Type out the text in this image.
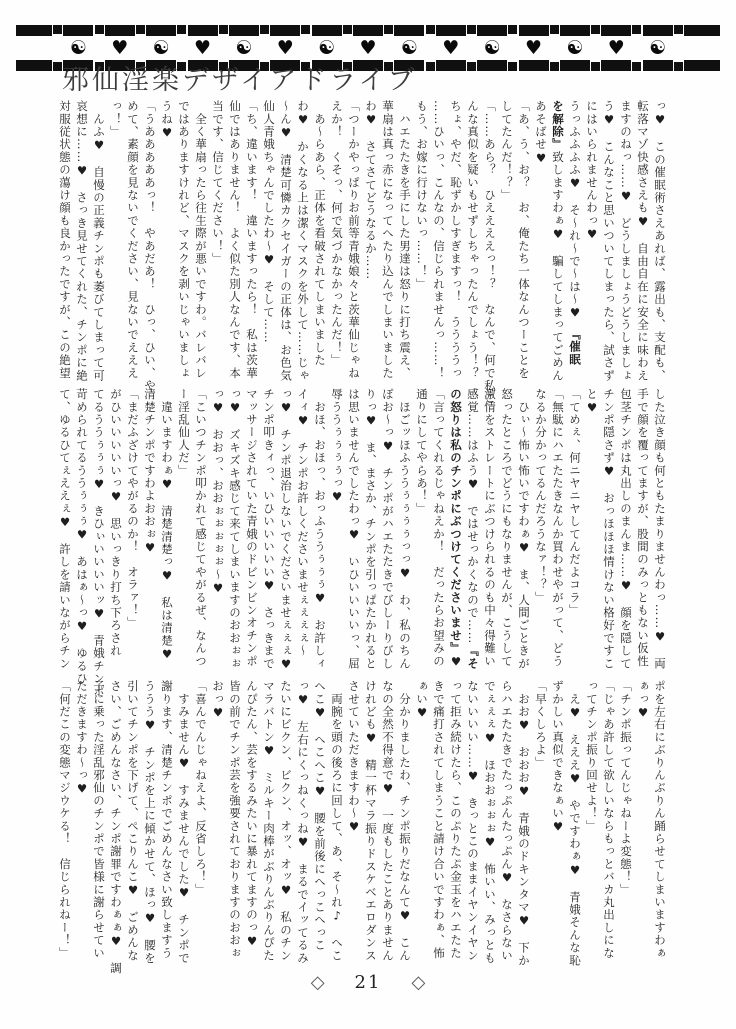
☯ ♥ ☯ ♥ ☯ ♥ ☯ ♥ ☯ ♥ ☯ ♥ ☯ ♥ ☯
邪仙淫楽デザイアドライブ

っ♥　この催眠術さえあれば、露出も、支配も、

転落マゾ快感さえも♥　自由自在に安全に味わえ

ますのねっ……♥　どうしましょうどうしましょ

う♥　こんなこと思いついてしまったら、試さず

にはいられませんわっ♥

うっふふふふ♥　そ〜れ〜で〜は〜♥　『催眠

を解除』致しますわぁ♥　騙してしまってごめん

あそばせ♥

「あ、う、お？　お、俺たち一体なんつーことを

してたんだ！？」

「……あら？　ひええええっ！？　なんで、何で私こ

んな真似を疑いもせずしちゃったんでしょう！？

ちょ、やだ、恥ずかしすぎますっ！　ううううっ

……ひいっ、こんなの、信じられませんっ……！

もう、お嫁に行けないっ……！」

　ハエたたきを手にした男達は怒りに打ち震え、

華扇は真っ赤になってへたり込んでしまいました

わ♥　さてさてどうなるか……

「つーかやっぱりお前等青娥娘々と茨華仙じゃね

えか！　くそっ、何で気づかなかったんだ！」

　あ〜らあら、正体を看破されてしまいました

わ♥　かくなる上は潔くマスクを外して……じゃ

〜ん♥　清楚可憐カクセイガーの正体は、お色気

仙人青娥ちゃんでしたわ〜♥　そして……

「ち、違います！　違いますったら！　私は茨華

仙ではありません！　よく似た別人なんです、本

当です、信じてください！」

　全く華扇ったら往生際が悪いですわ。バレバレ

ではありますけれど、マスクを剥いじゃいましょ

うね♥

「うあああああっ！　やあだあ！　ひっ、ひい、や

めて、素顔を見ないでください、見ないでえええ

っ！」

　んふ♥　自慢の正義チンポも萎びてしまって可

哀想に……♥　さっき見せてくれた、チンポに絶

対服従状態の蕩け顔も良かったですが、この絶望

した泣き顔も何ともたまりませんわっ……♥　両

手で顔を覆ってますが、股間のみっともない仮性

包茎チンポは丸出しのまんま……♥　顔を隠して

チンポ隠さず♥　おっほほほ情けない格好ですこ

と♥

「てめぇ、何ニヤニヤしてんだよコラ」

「無駄にハエたたきなんか買わせやがって、どう

なるか分かってるんだろうなァ！？」

　ひぃ〜怖い怖いですわぁ♥　ま、人間ごときが

怒ったところでどうにもなりませんが、こうして

激情をストレートにぶつけられるのも中々得難い

感覚……はふう♥　ではせっかくなので……『そ

の怒りは私のチンポにぶつけてくださいませ』♥

「言ってくれるじゃねえか！　だったらお望みの

通りにしてやらあ！」

　ほごッほふううぅぅぅぅっっ♥　わ、私のちん

ぽお〜っ♥　チンポがハエたたきでびしーりびし

りっ♥　ま、まさか、チンポを引っぱたかれると

は思いませんでしたわっ♥　いひいいいいっ、屈

辱ううぅぅぅぅっ♥

　おほ、おほっ、おっふううぅぅぅ♥　お許しィ

イィ♥　チンポお許しくださいませぇぇぇぇ〜

っ♥　チンポ退治しないでくださいませぇぇぇ♥

チンポ叩きィっ、いひいいいいい♥　さっきまで

マッサージされていた青娥のドビンビンオチンポ

っ♥　ズキズキ感じて来てしまいますのおおぉぉ

っ♥　おおっ、おおぉぉぉぉぉ〜♥

「こいつチンポ叩かれて感じてやがるぜ、なんつ

ー淫乱仙人だ」

　違いますわぁ♥　清楚清楚っ♥　私は清楚♥

清楚チンポですわよおおぉ♥

「まだふざけてやがるのか！　オラァ！」

がひいいいいいっ♥　思いっきり打ち下ろされ

てるううぅぅぅ♥　きひぃいいいいッ♥　青娥チンポ

苛められてるううぅぅぅ♥　あはぁ〜っ♥　ゆるひ

て、ゆるひてぇええぇ♥　許しを請いながらチン

ポを左右にぶりんぶりん踊らせてしまいますわぁ

ぁっ♥

「チンポ振ってんじゃねーよ変態！」

「じゃあ許して欲しいならもっとバカ丸出しにな

ってチンポ振り回せよ！」

　え♥　えええ♥　やですわぁ♥　青娥そんな恥

ずかしい真似できなぁい♥

「早くしろよ」

　おお♥　おおお♥　青娥のドキンタマ♥　下か

らハエたたきでたっぷんたっぷん♥　なさらない

でぇぇぇ♥　ほおおぉぉぉ♥　怖いい、みっとも

ないいいい……♥　きっとこのままイヤンイヤン

って拒み続けたら、このぷりたぷ金玉をハエたた

きで痛打されてしまうこと請け合いですわぁ、怖

ぁい♥

　分かりましたわ、チンポ振りだなんて♥　こん

なの全然不得意で♥　一度もしたことありません

けれども♥　精一杯マラ振りドスケベエロダンス

させていただきますわ〜♥

　両腕を頭の後ろに回して、あ、そ〜れ♪　へこ

へこ♥　へこへこ♥　腰を前後にへっこへっこ

っ♥　左右にくっねくっね♥　まるでイッてるみ

たいにビクン、ビクン、オッ、オッ♥　私のチン

マラバトン♥　ミルキー肉棒がぶりんぶりんぴた

んぴたん、芸をするみたいに暴れてますのっ♥

皆の前でチンポ芸を強要されておりますのおおぉ

おっ♥

「喜んでんじゃねえよ、反省しろ！」

　すみません♥　すみませんでした♥　チンポで

謝ります、清楚チンポでごめんなさい致しますう

ううう♥　チンポを上に傾かせて、ほっ♥　腰を

引いてチンポを下げて、ぺこりんこ♥　ごめんな

さい、ごめんなさい、チンポ謝罪ですわぁぁ♥　調

子に乗った淫乱邪仙のチンポで皆様に謝らせてい

ただきますわ〜っ♥

「何だこの変態マジウケる！　信じられねー！」

◇ 21 ◇
